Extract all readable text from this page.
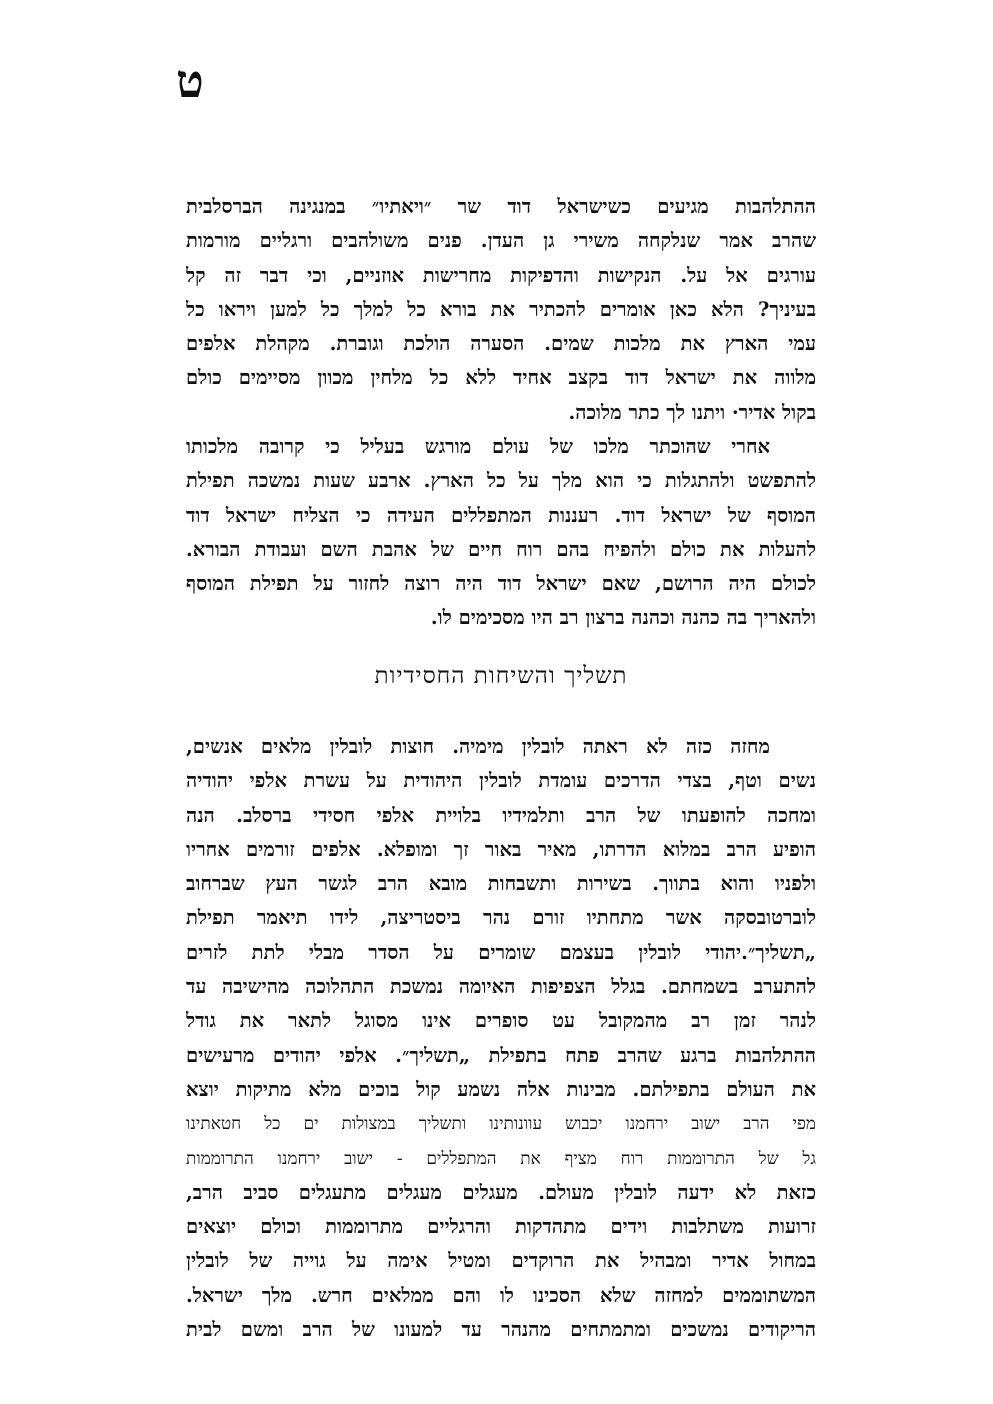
ט
ההתלהבות מגיעים כשישראל דוד שר ״ויאתיו״ במנגינה הברסלבית
שהרב אמר שנלקחה משירי גן העדן. פנים משולהבים ורגליים מורמות
עורגים אל על. הנקישות והדפיקות מחרישות אוזניים, וכי דבר זה קל
בעיניך? הלא כאן אומרים להכתיר את בורא כל למלך כל למען ויראו כל
עמי הארץ את מלכות שמים. הסערה הולכת וגוברת. מקהלת אלפים
מלווה את ישראל דוד בקצב אחיד ללא כל מלחין מכוון מסיימים כולם
בקול אדיר· ויתנו לך כתר מלוכה.
אחרי שהוכתר מלכו של עולם מורגש בעליל כי קרובה מלכותו
להתפשט ולהתגלות כי הוא מלך על כל הארץ. ארבע שעות נמשכה תפילת
המוסף של ישראל דוד. רעננות המתפללים העידה כי הצליח ישראל דוד
להעלות את כולם ולהפיח בהם רוח חיים של אהבת השם ועבודת הבורא.
לכולם היה הרושם, שאם ישראל דוד היה רוצה לחזור על תפילת המוסף
ולהאריך בה כהנה וכהנה ברצון רב היו מסכימים לו.
תשליך והשיחות החסידיות
מחזה כזה לא ראתה לובלין מימיה. חוצות לובלין מלאים אנשים,
נשים וטף, בצדי הדרכים עומדת לובלין היהודית על עשרת אלפי יהודיה
ומחכה להופעתו של הרב ותלמידיו בלויית אלפי חסידי ברסלב. הנה
הופיע הרב במלוא הדרתו, מאיר באור זך ומופלא. אלפים זורמים אחריו
ולפניו והוא בתווך. בשירות ותשבחות מובא הרב לגשר העץ שברחוב
לוברטובסקה אשר מתחתיו זורם נהר ביסטריצה, לידו תיאמר תפילת
„תשליך״.יהודי לובלין בעצמם שומרים על הסדר מבלי לתת לזרים
להתערב בשמחתם. בגלל הצפיפות האיומה נמשכת התהלוכה מהישיבה עד
לנהר זמן רב מהמקובל עט סופרים אינו מסוגל לתאר את גודל
ההתלהבות ברגע שהרב פתח בתפילת „תשליך״. אלפי יהודים מרעישים
את העולם בתפילתם. מבינות אלה נשמע קול בוכים מלא מתיקות יוצא
מפי הרב ישוב ירחמנו יכבוש עוונותינו ותשליך במצולות ים כל חטאתינו
גל של התרוממות רוח מציף את המתפללים - ישוב ירחמנו התרוממות
כזאת לא ידעה לובלין מעולם. מעגלים מעגלים מתעגלים סביב הרב,
זרועות משתלבות וידים מתהדקות והרגליים מתרוממות וכולם יוצאים
במחול אדיר ומבהיל את הרוקדים ומטיל אימה על גוייה של לובלין
המשתוממים למחזה שלא הסכינו לו והם ממלאים חרש. מלך ישראל.
הריקודים נמשכים ומתמתחים מהנהר עד למעונו של הרב ומשם לבית
